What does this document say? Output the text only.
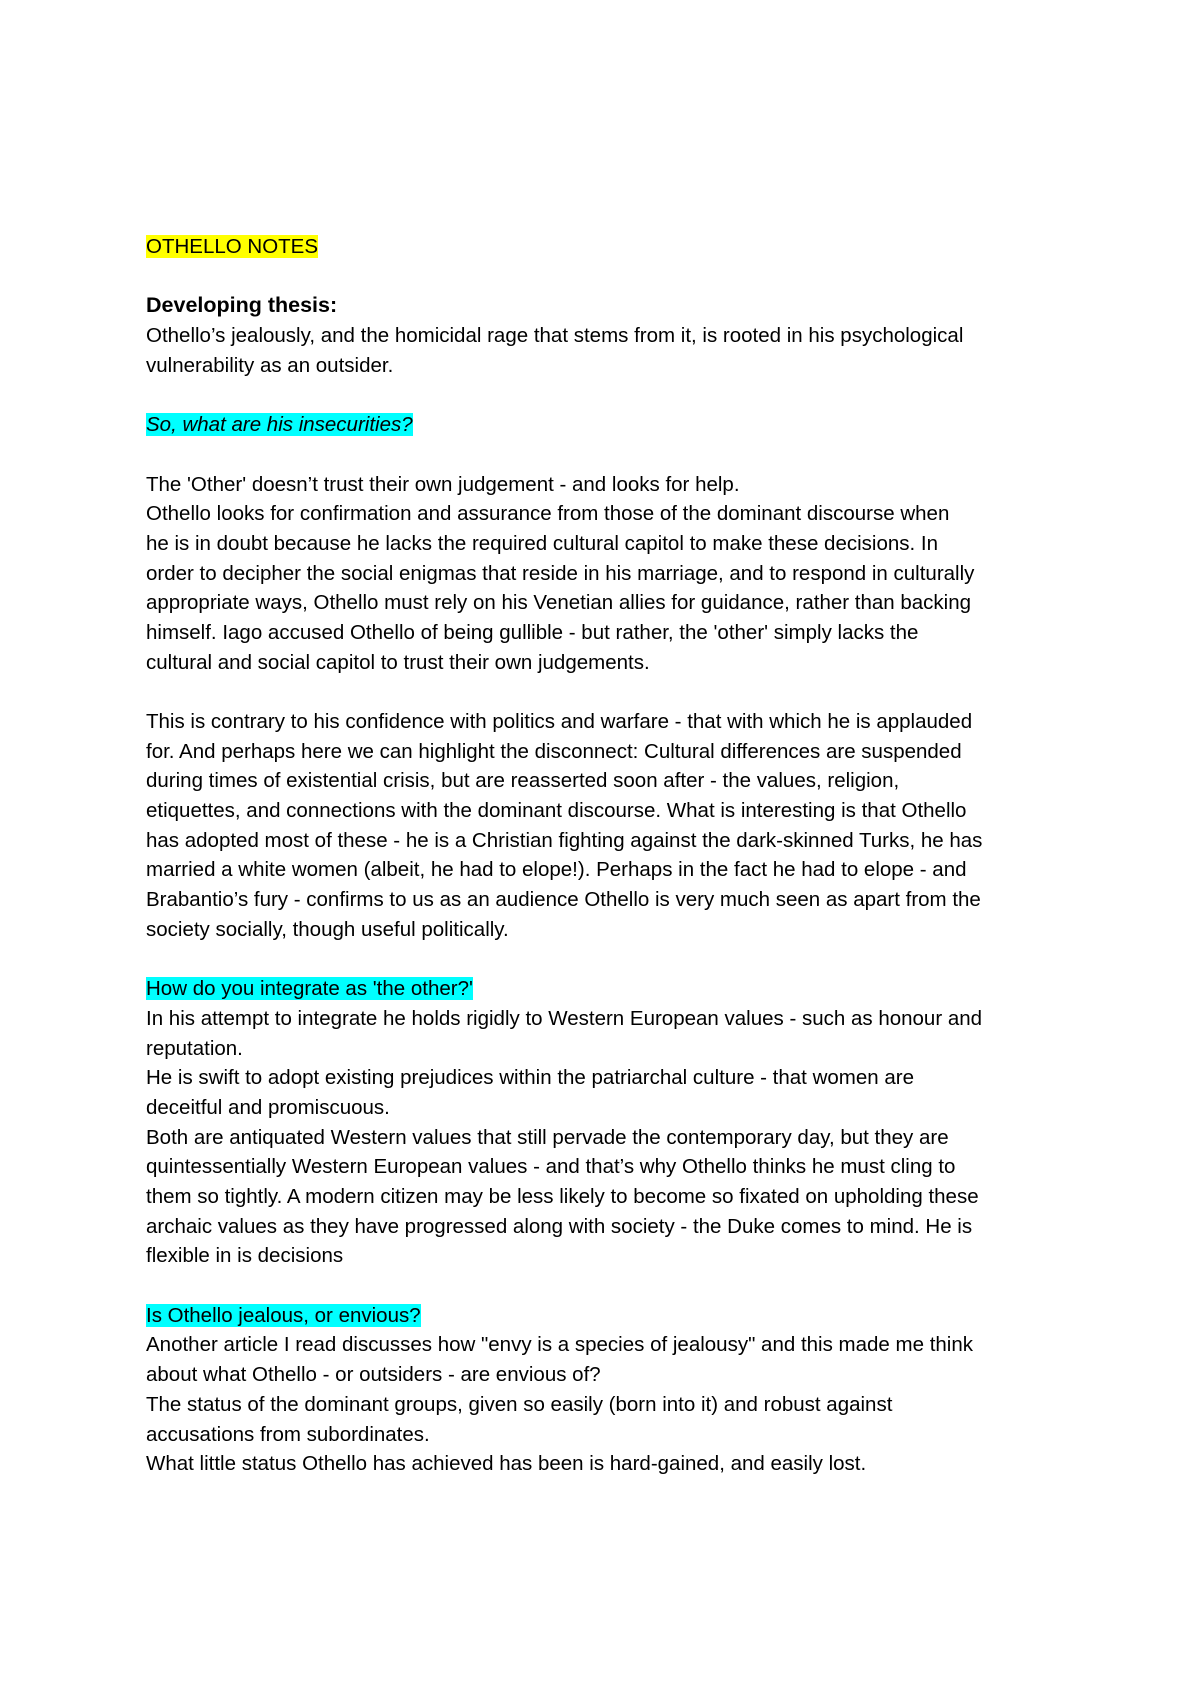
OTHELLO NOTES
Developing thesis:
Othello’s jealously, and the homicidal rage that stems from it, is rooted in his psychological
vulnerability as an outsider.
So, what are his insecurities?
The 'Other' doesn’t trust their own judgement - and looks for help.
Othello looks for confirmation and assurance from those of the dominant discourse when
he is in doubt because he lacks the required cultural capitol to make these decisions. In
order to decipher the social enigmas that reside in his marriage, and to respond in culturally
appropriate ways, Othello must rely on his Venetian allies for guidance, rather than backing
himself. Iago accused Othello of being gullible - but rather, the 'other' simply lacks the
cultural and social capitol to trust their own judgements.
This is contrary to his confidence with politics and warfare - that with which he is applauded
for. And perhaps here we can highlight the disconnect: Cultural differences are suspended
during times of existential crisis, but are reasserted soon after - the values, religion,
etiquettes, and connections with the dominant discourse. What is interesting is that Othello
has adopted most of these - he is a Christian fighting against the dark-skinned Turks, he has
married a white women (albeit, he had to elope!). Perhaps in the fact he had to elope - and
Brabantio’s fury - confirms to us as an audience Othello is very much seen as apart from the
society socially, though useful politically.
How do you integrate as 'the other?'
In his attempt to integrate he holds rigidly to Western European values - such as honour and
reputation.
He is swift to adopt existing prejudices within the patriarchal culture - that women are
deceitful and promiscuous.
Both are antiquated Western values that still pervade the contemporary day, but they are
quintessentially Western European values - and that’s why Othello thinks he must cling to
them so tightly. A modern citizen may be less likely to become so fixated on upholding these
archaic values as they have progressed along with society - the Duke comes to mind. He is
flexible in is decisions
Is Othello jealous, or envious?
Another article I read discusses how "envy is a species of jealousy" and this made me think
about what Othello - or outsiders - are envious of?
The status of the dominant groups, given so easily (born into it) and robust against
accusations from subordinates.
What little status Othello has achieved has been is hard-gained, and easily lost.
